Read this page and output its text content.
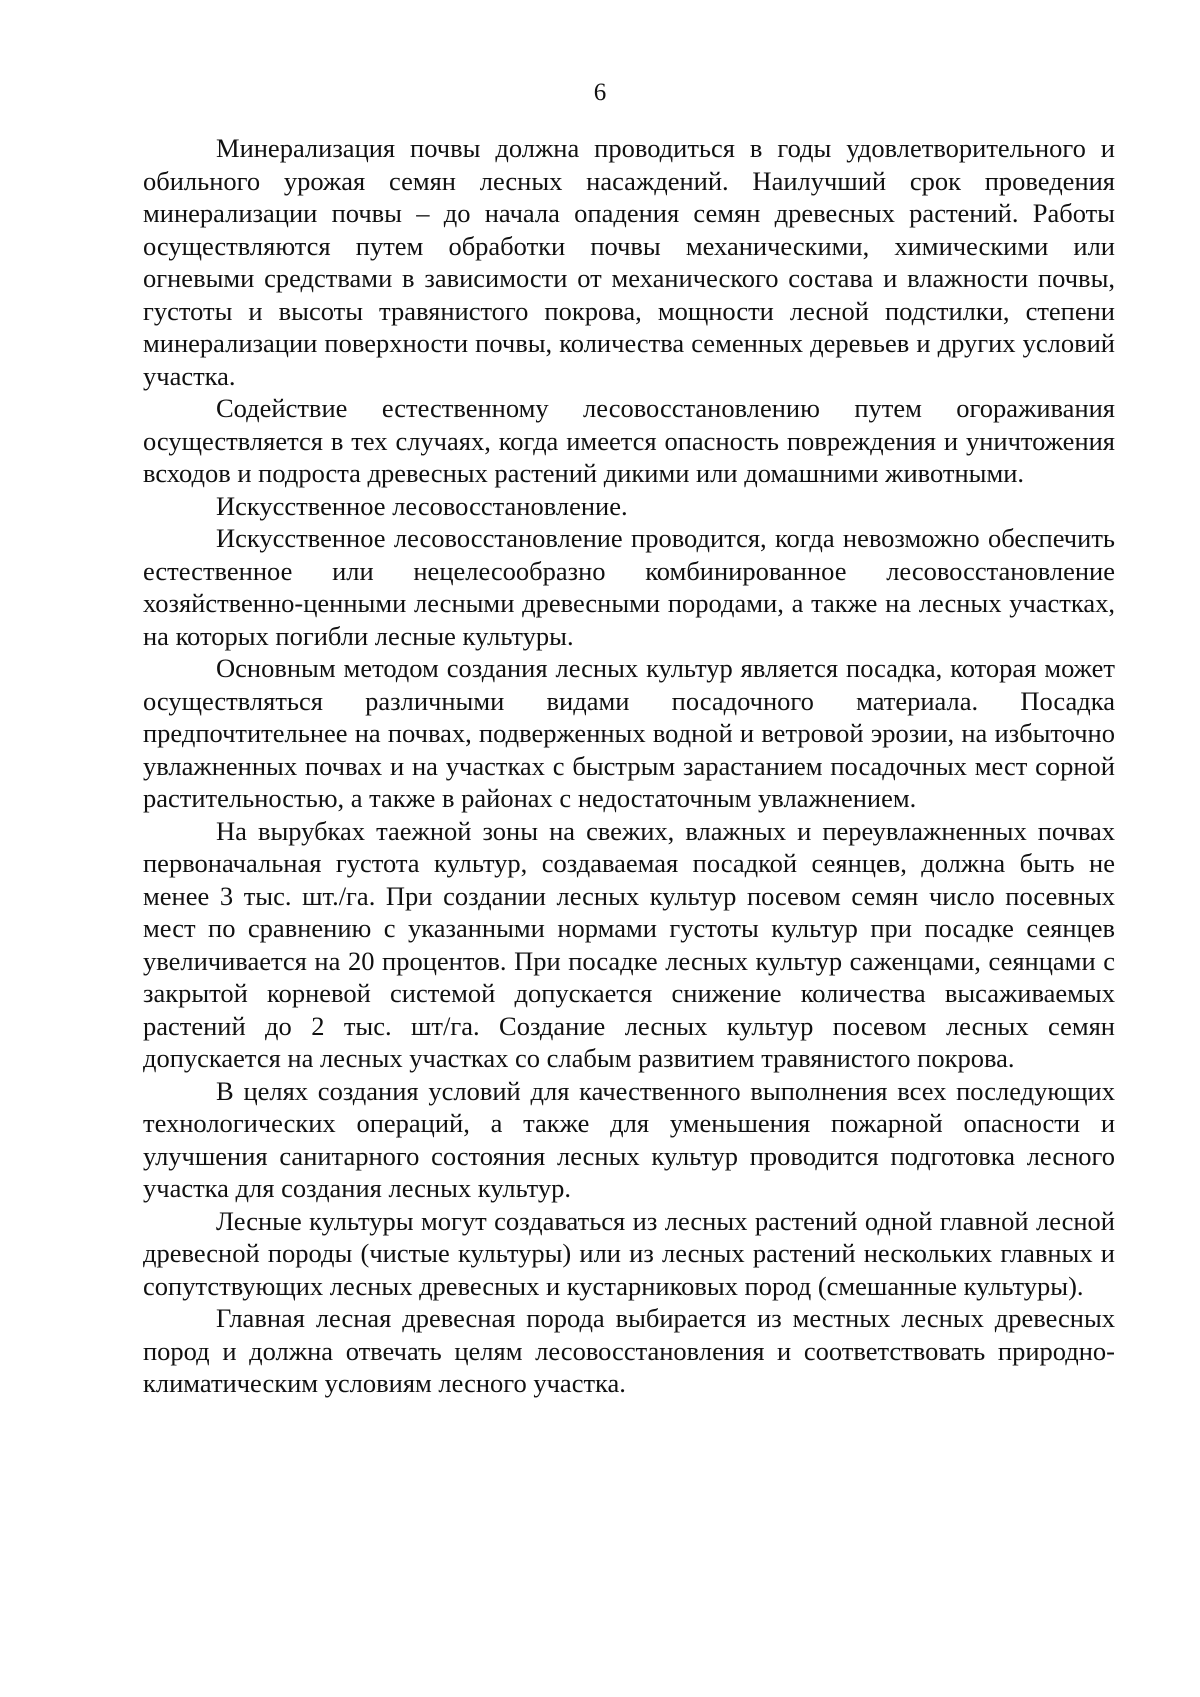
6

Минерализация почвы должна проводиться в годы удовлетворительного и обильного урожая семян лесных насаждений. Наилучший срок проведения минерализации почвы – до начала опадения семян древесных растений. Работы осуществляются путем обработки почвы механическими, химическими или огневыми средствами в зависимости от механического состава и влажности почвы, густоты и высоты травянистого покрова, мощности лесной подстилки, степени минерализации поверхности почвы, количества семенных деревьев и других условий участка.

Содействие естественному лесовосстановлению путем огораживания осуществляется в тех случаях, когда имеется опасность повреждения и уничтожения всходов и подроста древесных растений дикими или домашними животными.

Искусственное лесовосстановление.

Искусственное лесовосстановление проводится, когда невозможно обеспечить естественное или нецелесообразно комбинированное лесовосстановление хозяйственно-ценными лесными древесными породами, а также на лесных участках, на которых погибли лесные культуры.

Основным методом создания лесных культур является посадка, которая может осуществляться различными видами посадочного материала. Посадка предпочтительнее на почвах, подверженных водной и ветровой эрозии, на избыточно увлажненных почвах и на участках с быстрым зарастанием посадочных мест сорной растительностью, а также в районах с недостаточным увлажнением.

На вырубках таежной зоны на свежих, влажных и переувлажненных почвах первоначальная густота культур, создаваемая посадкой сеянцев, должна быть не менее 3 тыс. шт./га. При создании лесных культур посевом семян число посевных мест по сравнению с указанными нормами густоты культур при посадке сеянцев увеличивается на 20 процентов. При посадке лесных культур саженцами, сеянцами с закрытой корневой системой допускается снижение количества высаживаемых растений до 2 тыс. шт/га. Создание лесных культур посевом лесных семян допускается на лесных участках со слабым развитием травянистого покрова.

В целях создания условий для качественного выполнения всех последующих технологических операций, а также для уменьшения пожарной опасности и улучшения санитарного состояния лесных культур проводится подготовка лесного участка для создания лесных культур.

Лесные культуры могут создаваться из лесных растений одной главной лесной древесной породы (чистые культуры) или из лесных растений нескольких главных и сопутствующих лесных древесных и кустарниковых пород (смешанные культуры).

Главная лесная древесная порода выбирается из местных лесных древесных пород и должна отвечать целям лесовосстановления и соответствовать природно-климатическим условиям лесного участка.
